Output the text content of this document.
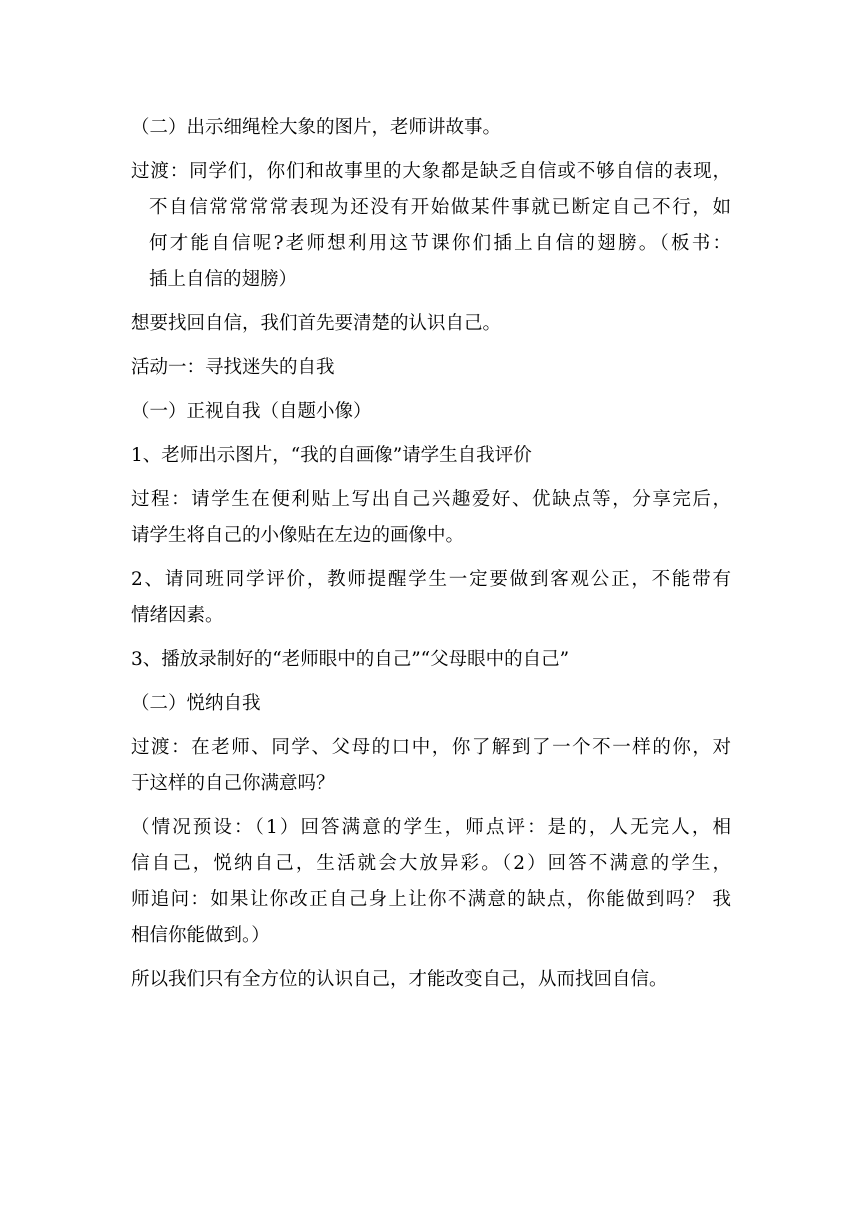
（二）出示细绳栓大象的图片，老师讲故事。

过渡：同学们，你们和故事里的大象都是缺乏自信或不够自信的表现，

不自信常常常常表现为还没有开始做某件事就已断定自己不行，如

何才能自信呢?老师想利用这节课你们插上自信的翅膀。（板书：

插上自信的翅膀）

想要找回自信，我们首先要清楚的认识自己。

活动一：寻找迷失的自我

（一）正视自我（自题小像）

1、老师出示图片，“我的自画像”请学生自我评价

过程：请学生在便利贴上写出自己兴趣爱好、优缺点等，分享完后，

请学生将自己的小像贴在左边的画像中。

2、请同班同学评价，教师提醒学生一定要做到客观公正，不能带有

情绪因素。

3、播放录制好的“老师眼中的自己”“父母眼中的自己”

（二）悦纳自我

过渡：在老师、同学、父母的口中，你了解到了一个不一样的你，对

于这样的自己你满意吗？

（情况预设：（1）回答满意的学生，师点评：是的，人无完人，相

信自己，悦纳自己，生活就会大放异彩。（2）回答不满意的学生，

师追问：如果让你改正自己身上让你不满意的缺点，你能做到吗？ 我

相信你能做到。）

所以我们只有全方位的认识自己，才能改变自己，从而找回自信。
